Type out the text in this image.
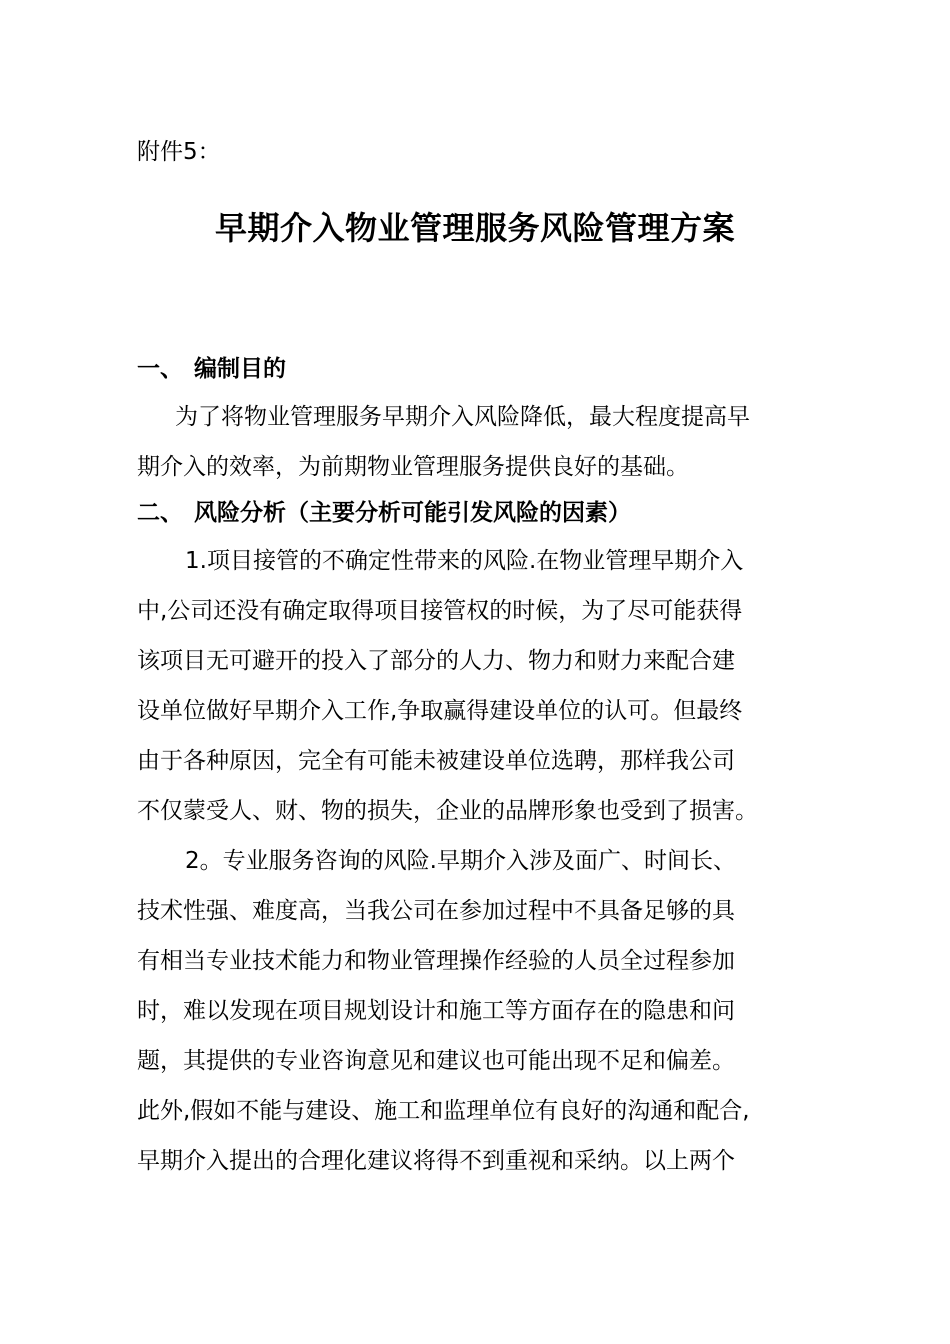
附件5：

早期介入物业管理服务风险管理方案
一、 编制目的
为了将物业管理服务早期介入风险降低，最大程度提高早
期介入的效率，为前期物业管理服务提供良好的基础。
二、 风险分析（主要分析可能引发风险的因素）
1.项目接管的不确定性带来的风险.在物业管理早期介入
中,公司还没有确定取得项目接管权的时候，为了尽可能获得
该项目无可避开的投入了部分的人力、物力和财力来配合建
设单位做好早期介入工作,争取赢得建设单位的认可。但最终
由于各种原因，完全有可能未被建设单位选聘，那样我公司
不仅蒙受人、财、物的损失，企业的品牌形象也受到了损害。
2。专业服务咨询的风险.早期介入涉及面广、时间长、
技术性强、难度高，当我公司在参加过程中不具备足够的具
有相当专业技术能力和物业管理操作经验的人员全过程参加
时，难以发现在项目规划设计和施工等方面存在的隐患和问
题，其提供的专业咨询意见和建议也可能出现不足和偏差。
此外,假如不能与建设、施工和监理单位有良好的沟通和配合,
早期介入提出的合理化建议将得不到重视和采纳。以上两个
